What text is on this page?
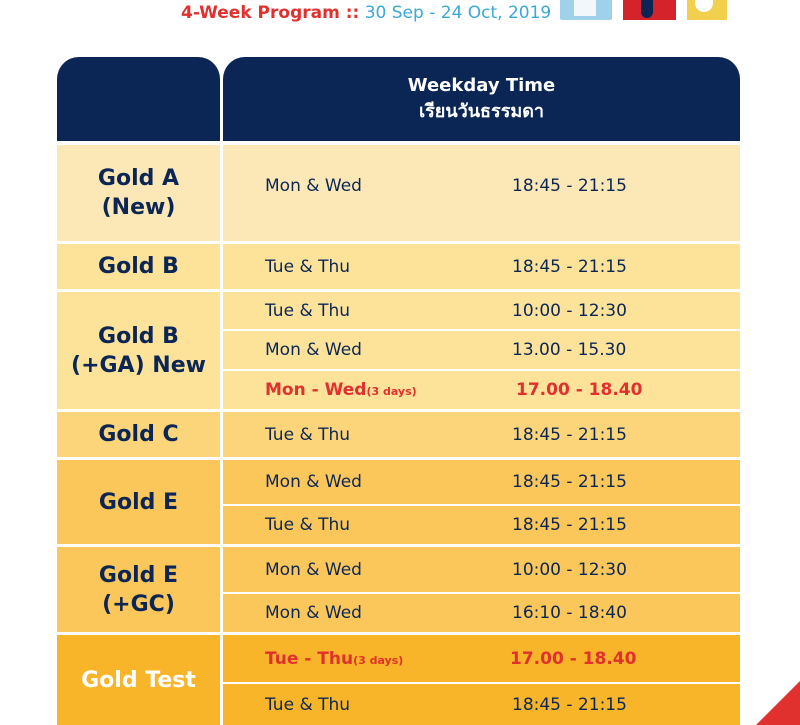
4-Week Program :: 30 Sep - 24 Oct, 2019
Weekday Time
เรียนวันธรรมดา
Gold A
(New)
Mon & Wed	18:45 - 21:15
Gold B	Tue & Thu	18:45 - 21:15
Gold B
(+GA) New
Tue & Thu	10:00 - 12:30
Mon & Wed	13.00 - 15.30
Mon - Wed(3 days)	17.00 - 18.40
Gold C	Tue & Thu	18:45 - 21:15
Gold E
Mon & Wed	18:45 - 21:15
Tue & Thu	18:45 - 21:15
Gold E
(+GC)
Mon & Wed	10:00 - 12:30
Mon & Wed	16:10 - 18:40
Gold Test
Tue - Thu(3 days)	17.00 - 18.40
Tue & Thu	18:45 - 21:15
